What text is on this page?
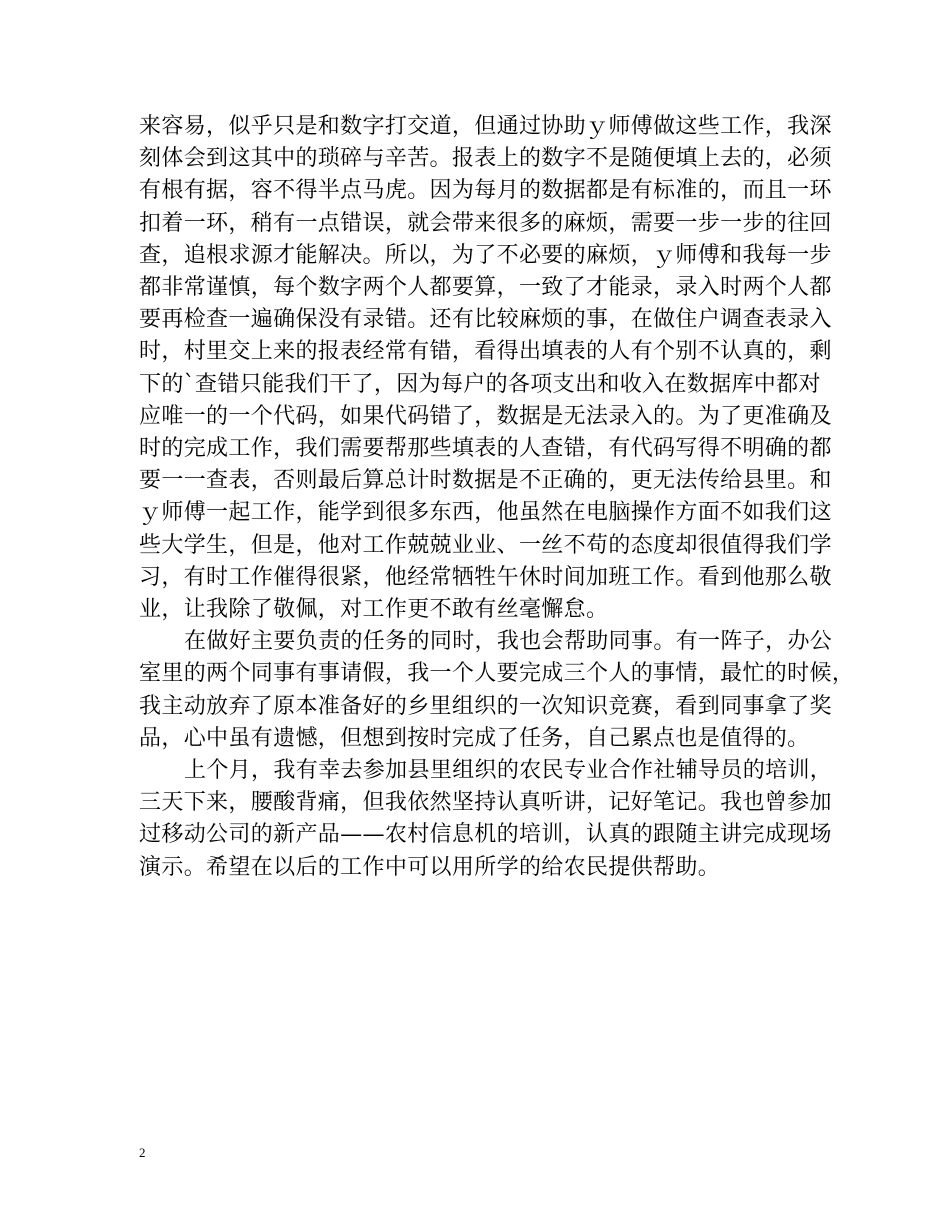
来容易，似乎只是和数字打交道，但通过协助ｙ师傅做这些工作，我深
刻体会到这其中的琐碎与辛苦。报表上的数字不是随便填上去的，必须
有根有据，容不得半点马虎。因为每月的数据都是有标准的，而且一环
扣着一环，稍有一点错误，就会带来很多的麻烦，需要一步一步的往回
查，追根求源才能解决。所以，为了不必要的麻烦，ｙ师傅和我每一步
都非常谨慎，每个数字两个人都要算，一致了才能录，录入时两个人都
要再检查一遍确保没有录错。还有比较麻烦的事，在做住户调查表录入
时，村里交上来的报表经常有错，看得出填表的人有个别不认真的，剩
下的`查错只能我们干了，因为每户的各项支出和收入在数据库中都对
应唯一的一个代码，如果代码错了，数据是无法录入的。为了更准确及
时的完成工作，我们需要帮那些填表的人查错，有代码写得不明确的都
要一一查表，否则最后算总计时数据是不正确的，更无法传给县里。和
ｙ师傅一起工作，能学到很多东西，他虽然在电脑操作方面不如我们这
些大学生，但是，他对工作兢兢业业、一丝不苟的态度却很值得我们学
习，有时工作催得很紧，他经常牺牲午休时间加班工作。看到他那么敬
业，让我除了敬佩，对工作更不敢有丝毫懈怠。
在做好主要负责的任务的同时，我也会帮助同事。有一阵子，办公
室里的两个同事有事请假，我一个人要完成三个人的事情，最忙的时候，
我主动放弃了原本准备好的乡里组织的一次知识竞赛，看到同事拿了奖
品，心中虽有遗憾，但想到按时完成了任务，自己累点也是值得的。
上个月，我有幸去参加县里组织的农民专业合作社辅导员的培训，
三天下来，腰酸背痛，但我依然坚持认真听讲，记好笔记。我也曾参加
过移动公司的新产品——农村信息机的培训，认真的跟随主讲完成现场
演示。希望在以后的工作中可以用所学的给农民提供帮助。
2
